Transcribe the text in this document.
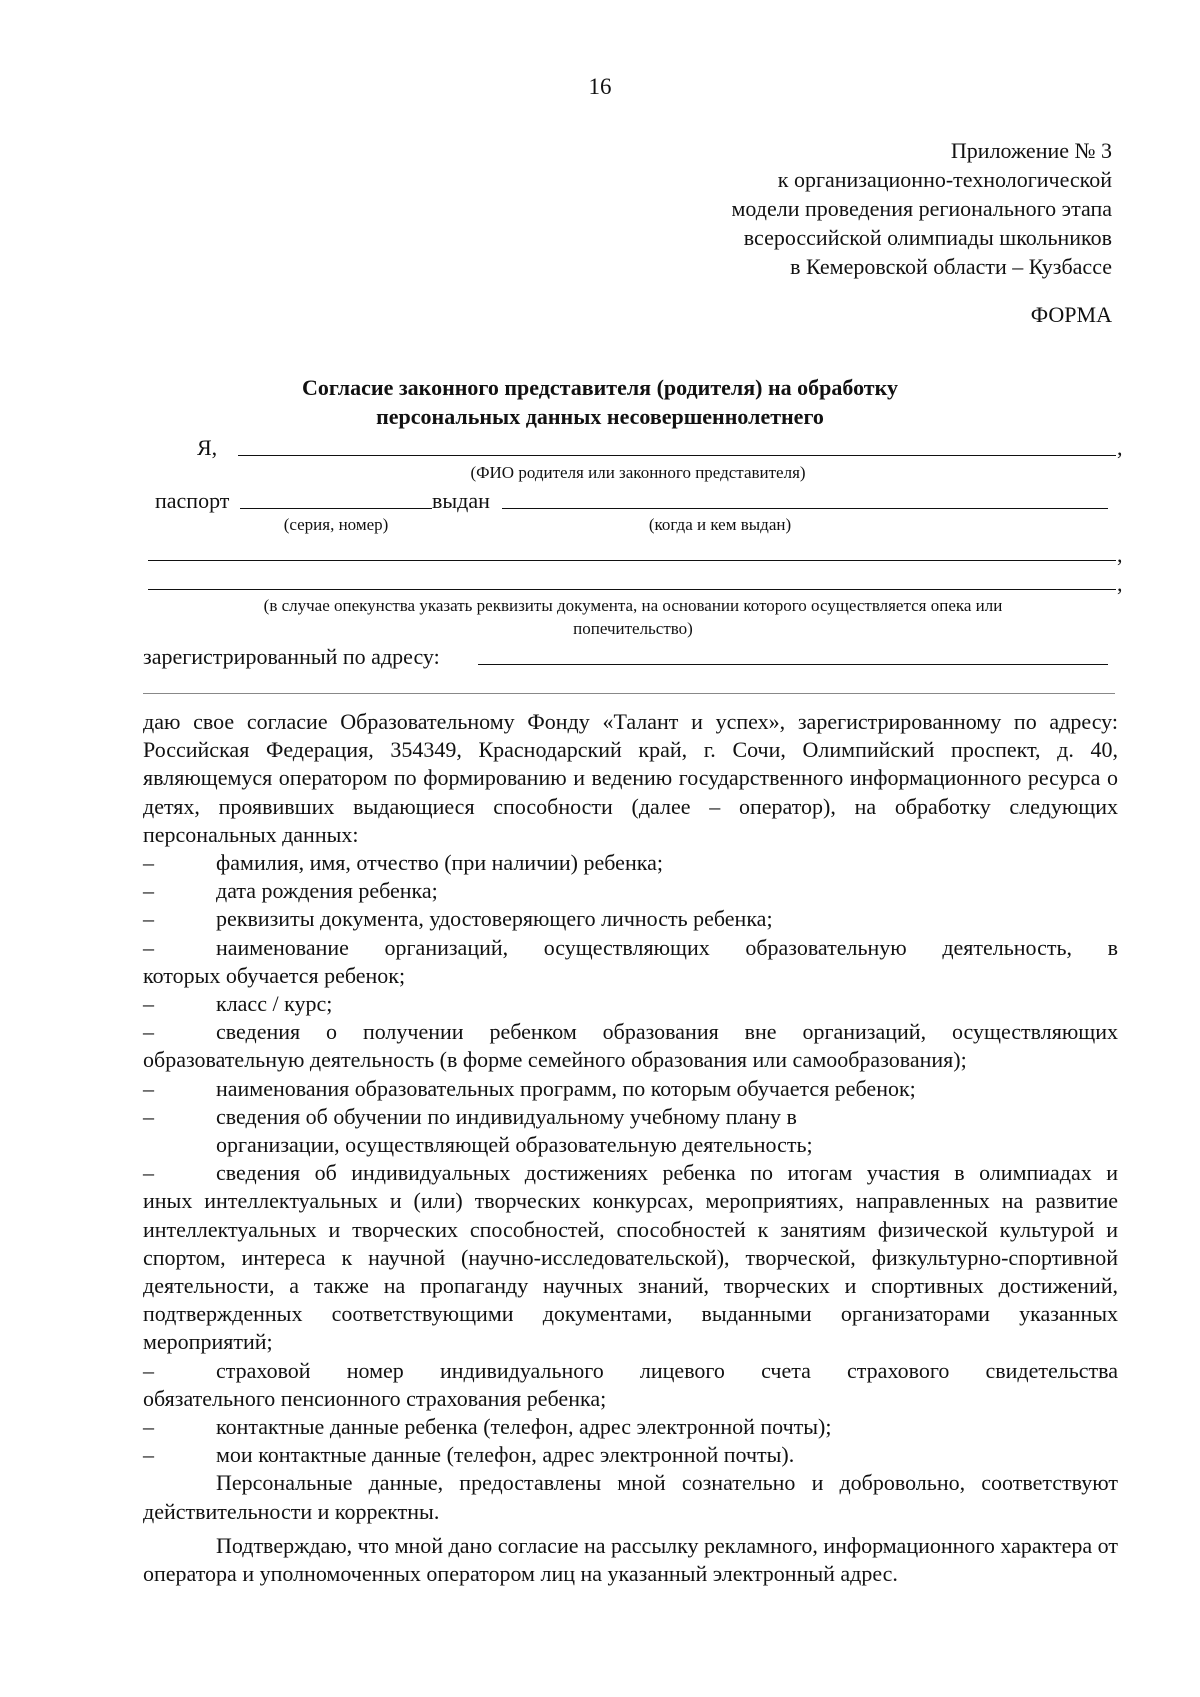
16
Приложение № 3
к организационно-технологической
модели проведения регионального этапа
всероссийской олимпиады школьников
в Кемеровской области – Кузбассе
ФОРМА
Согласие законного представителя (родителя) на обработку
персональных данных несовершеннолетнего
Я,	,
(ФИО родителя или законного представителя)
паспорт	выдан
(серия, номер)	(когда и кем выдан)
,
,
(в случае опекунства указать реквизиты документа, на основании которого осуществляется опека или
попечительство)
зарегистрированный по адресу:

даю свое согласие Образовательному Фонду «Талант и успех», зарегистрированному по адресу: Российская Федерация, 354349, Краснодарский край, г. Сочи, Олимпийский проспект, д. 40, являющемуся оператором по формированию и ведению государственного информационного ресурса о детях, проявивших выдающиеся способности (далее – оператор), на обработку следующих персональных данных:

–	фамилия, имя, отчество (при наличии) ребенка;
–	дата рождения ребенка;
–	реквизиты документа, удостоверяющего личность ребенка;
–	наименование организаций, осуществляющих образовательную деятельность, в
которых обучается ребенок;
–	класс / курс;
–	сведения о получении ребенком образования вне организаций, осуществляющих
образовательную деятельность (в форме семейного образования или самообразования);
–	наименования образовательных программ, по которым обучается ребенок;
–	сведения об обучении по индивидуальному учебному плану в
организации, осуществляющей образовательную деятельность;
–	сведения об индивидуальных достижениях ребенка по итогам участия в олимпиадах и
иных интеллектуальных и (или) творческих конкурсах, мероприятиях, направленных на развитие интеллектуальных и творческих способностей, способностей к занятиям физической культурой и спортом, интереса к научной (научно-исследовательской), творческой, физкультурно-спортивной деятельности, а также на пропаганду научных знаний, творческих и спортивных достижений, подтвержденных соответствующими документами, выданными организаторами указанных мероприятий;
–	страховой номер индивидуального лицевого счета страхового свидетельства
обязательного пенсионного страхования ребенка;
–	контактные данные ребенка (телефон, адрес электронной почты);
–	мои контактные данные (телефон, адрес электронной почты).

Персональные данные, предоставлены мной сознательно и добровольно, соответствуют действительности и корректны.

Подтверждаю, что мной дано согласие на рассылку рекламного, информационного характера от оператора и уполномоченных оператором лиц на указанный электронный адрес.
